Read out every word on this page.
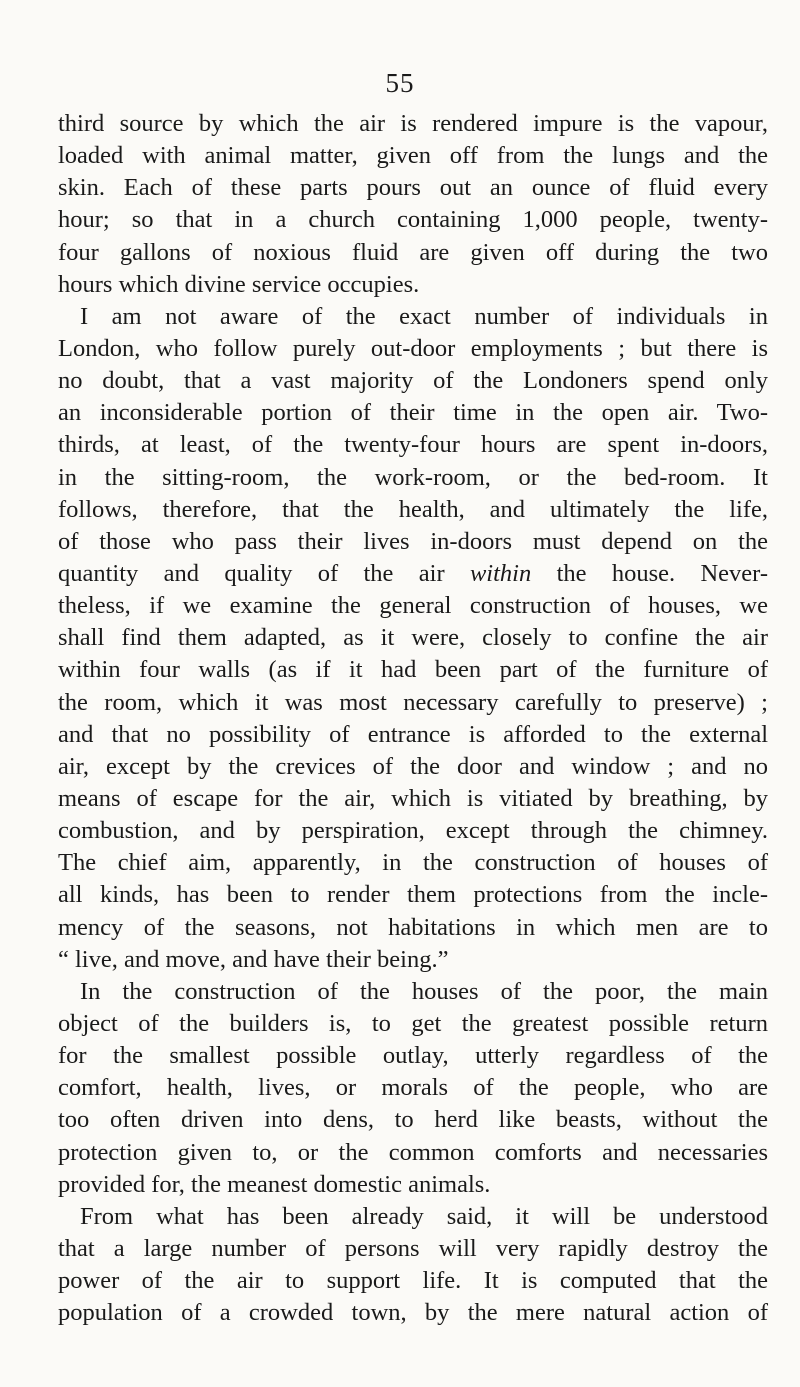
55
third source by which the air is rendered impure is the vapour,
loaded with animal matter, given off from the lungs and the
skin. Each of these parts pours out an ounce of fluid every
hour; so that in a church containing 1,000 people, twenty-
four gallons of noxious fluid are given off during the two
hours which divine service occupies.
I am not aware of the exact number of individuals in
London, who follow purely out-door employments ; but there is
no doubt, that a vast majority of the Londoners spend only
an inconsiderable portion of their time in the open air. Two-
thirds, at least, of the twenty-four hours are spent in-doors,
in the sitting-room, the work-room, or the bed-room. It
follows, therefore, that the health, and ultimately the life,
of those who pass their lives in-doors must depend on the
quantity and quality of the air within the house. Never-
theless, if we examine the general construction of houses, we
shall find them adapted, as it were, closely to confine the air
within four walls (as if it had been part of the furniture of
the room, which it was most necessary carefully to preserve) ;
and that no possibility of entrance is afforded to the external
air, except by the crevices of the door and window ; and no
means of escape for the air, which is vitiated by breathing, by
combustion, and by perspiration, except through the chimney.
The chief aim, apparently, in the construction of houses of
all kinds, has been to render them protections from the incle-
mency of the seasons, not habitations in which men are to
“ live, and move, and have their being.”
In the construction of the houses of the poor, the main
object of the builders is, to get the greatest possible return
for the smallest possible outlay, utterly regardless of the
comfort, health, lives, or morals of the people, who are
too often driven into dens, to herd like beasts, without the
protection given to, or the common comforts and necessaries
provided for, the meanest domestic animals.
From what has been already said, it will be understood
that a large number of persons will very rapidly destroy the
power of the air to support life. It is computed that the
population of a crowded town, by the mere natural action of
